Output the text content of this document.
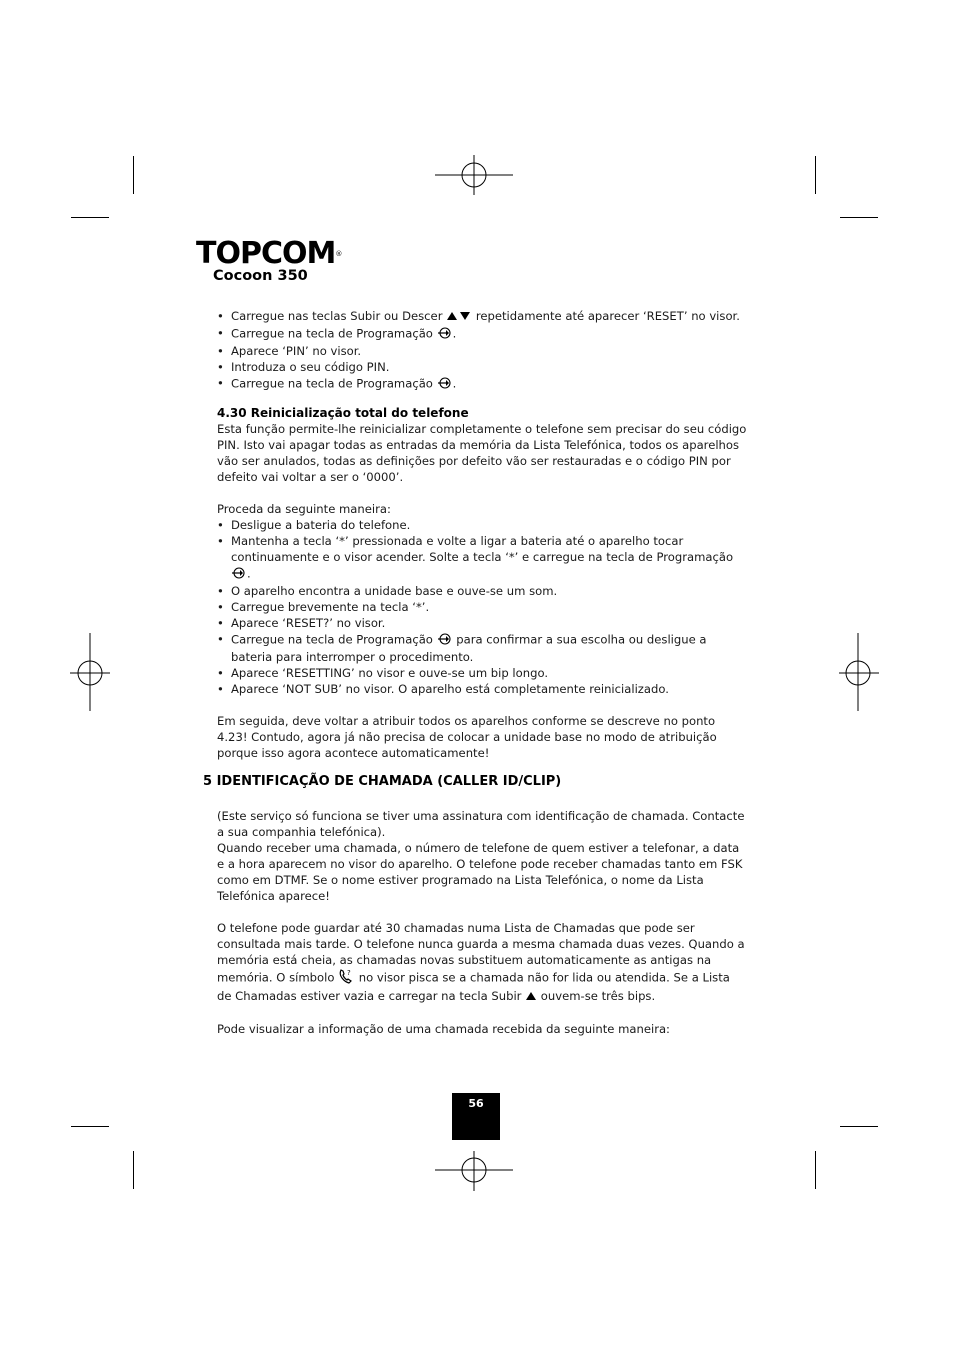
TOPCOM®
Cocoon 350
• Carregue nas teclas Subir ou Descer  repetidamente até aparecer ‘RESET’ no visor.
• Carregue na tecla de Programação .
• Aparece ‘PIN’ no visor.
• Introduza o seu código PIN.
• Carregue na tecla de Programação .

4.30 Reinicialização total do telefone

Esta função permite-lhe reinicializar completamente o telefone sem precisar do seu código PIN. Isto vai apagar todas as entradas da memória da Lista Telefónica, todos os aparelhos vão ser anulados, todas as definições por defeito vão ser restauradas e o código PIN por defeito vai voltar a ser o ‘0000’.

Proceda da seguinte maneira:

• Desligue a bateria do telefone.
• Mantenha a tecla ‘*’ pressionada e volte a ligar a bateria até o aparelho tocar continuamente e o visor acender. Solte a tecla ‘*’ e carregue na tecla de Programação .
• O aparelho encontra a unidade base e ouve-se um som.
• Carregue brevemente na tecla ‘*’.
• Aparece ‘RESET?’ no visor.
• Carregue na tecla de Programação  para confirmar a sua escolha ou desligue a bateria para interromper o procedimento.
• Aparece ‘RESETTING’ no visor e ouve-se um bip longo.
• Aparece ‘NOT SUB’ no visor. O aparelho está completamente reinicializado.

Em seguida, deve voltar a atribuir todos os aparelhos conforme se descreve no ponto 4.23! Contudo, agora já não precisa de colocar a unidade base no modo de atribuição porque isso agora acontece automaticamente!

5 IDENTIFICAÇÃO DE CHAMADA (CALLER ID/CLIP)

(Este serviço só funciona se tiver uma assinatura com identificação de chamada. Contacte a sua companhia telefónica).

Quando receber uma chamada, o número de telefone de quem estiver a telefonar, a data e a hora aparecem no visor do aparelho. O telefone pode receber chamadas tanto em FSK como em DTMF. Se o nome estiver programado na Lista Telefónica, o nome da Lista Telefónica aparece!

O telefone pode guardar até 30 chamadas numa Lista de Chamadas que pode ser consultada mais tarde. O telefone nunca guarda a mesma chamada duas vezes. Quando a memória está cheia, as chamadas novas substituem automaticamente as antigas na memória. O símbolo ? no visor pisca se a chamada não for lida ou atendida. Se a Lista de Chamadas estiver vazia e carregar na tecla Subir  ouvem-se três bips.

Pode visualizar a informação de uma chamada recebida da seguinte maneira:

56
